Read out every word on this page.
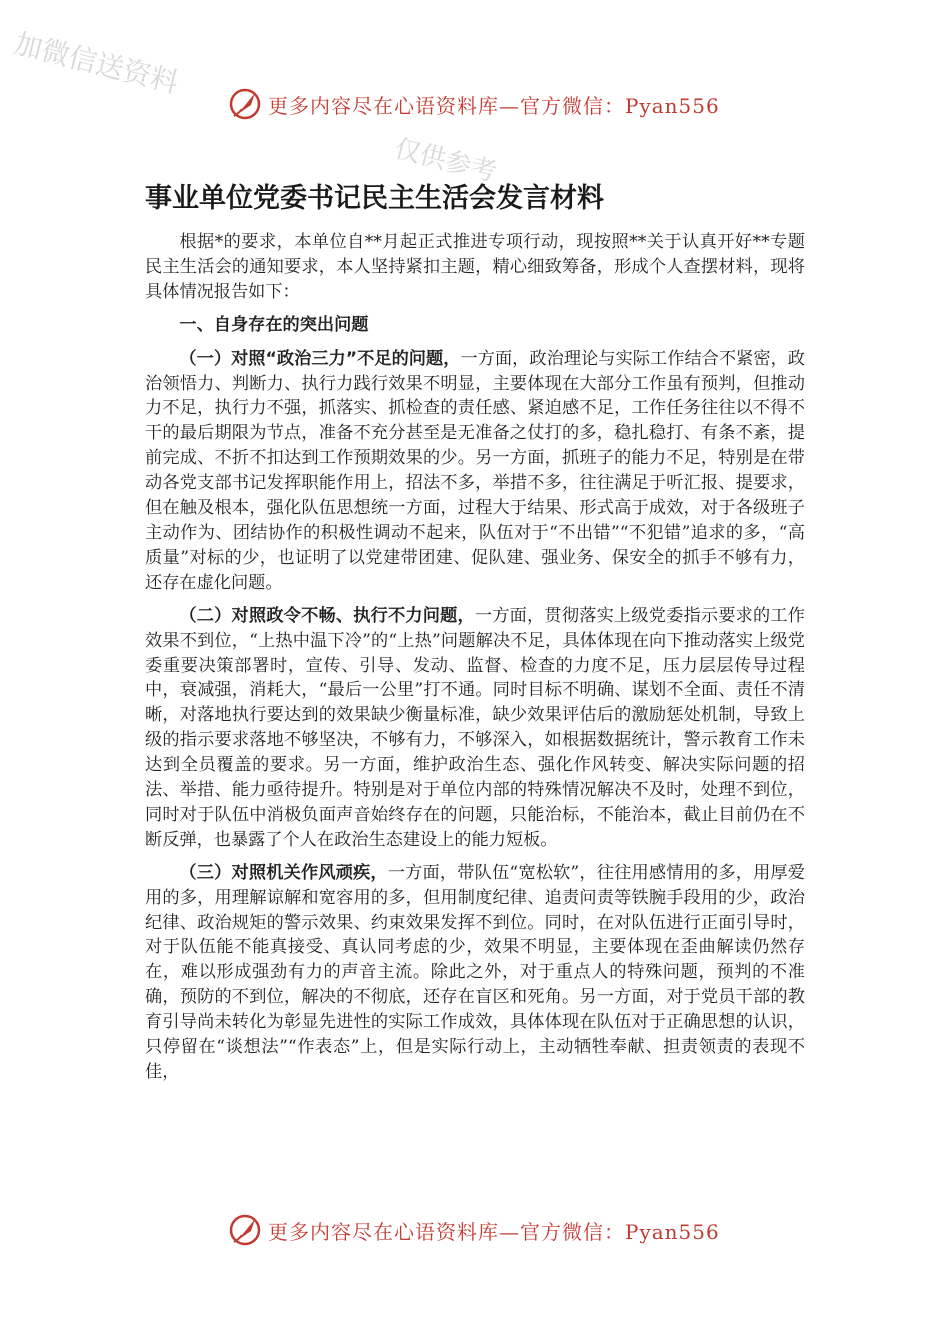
加微信送资料
仅供参考
更多内容尽在心语资料库—官方微信：Pyan556
事业单位党委书记民主生活会发言材料

根据*的要求，本单位自**月起正式推进专项行动，现按照**关于认真开好**专题民主生活会的通知要求，本人坚持紧扣主题，精心细致筹备，形成个人查摆材料，现将具体情况报告如下：

一、自身存在的突出问题

（一）对照“政治三力”不足的问题，一方面，政治理论与实际工作结合不紧密，政治领悟力、判断力、执行力践行效果不明显，主要体现在大部分工作虽有预判，但推动力不足，执行力不强，抓落实、抓检查的责任感、紧迫感不足，工作任务往往以不得不干的最后期限为节点，准备不充分甚至是无准备之仗打的多，稳扎稳打、有条不紊，提前完成、不折不扣达到工作预期效果的少。另一方面，抓班子的能力不足，特别是在带动各党支部书记发挥职能作用上，招法不多，举措不多，往往满足于听汇报、提要求，但在触及根本，强化队伍思想统一方面，过程大于结果、形式高于成效，对于各级班子主动作为、团结协作的积极性调动不起来，队伍对于“不出错”“不犯错”追求的多，“高质量”对标的少，也证明了以党建带团建、促队建、强业务、保安全的抓手不够有力，还存在虚化问题。

（二）对照政令不畅、执行不力问题，一方面，贯彻落实上级党委指示要求的工作效果不到位，“上热中温下冷”的“上热”问题解决不足，具体体现在向下推动落实上级党委重要决策部署时，宣传、引导、发动、监督、检查的力度不足，压力层层传导过程中，衰减强，消耗大，“最后一公里”打不通。同时目标不明确、谋划不全面、责任不清晰，对落地执行要达到的效果缺少衡量标准，缺少效果评估后的激励惩处机制，导致上级的指示要求落地不够坚决，不够有力，不够深入，如根据数据统计，警示教育工作未达到全员覆盖的要求。另一方面，维护政治生态、强化作风转变、解决实际问题的招法、举措、能力亟待提升。特别是对于单位内部的特殊情况解决不及时，处理不到位，同时对于队伍中消极负面声音始终存在的问题，只能治标，不能治本，截止目前仍在不断反弹，也暴露了个人在政治生态建设上的能力短板。

（三）对照机关作风顽疾，一方面，带队伍“宽松软”，往往用感情用的多，用厚爱用的多，用理解谅解和宽容用的多，但用制度纪律、追责问责等铁腕手段用的少，政治纪律、政治规矩的警示效果、约束效果发挥不到位。同时，在对队伍进行正面引导时，对于队伍能不能真接受、真认同考虑的少，效果不明显，主要体现在歪曲解读仍然存在，难以形成强劲有力的声音主流。除此之外，对于重点人的特殊问题，预判的不准确，预防的不到位，解决的不彻底，还存在盲区和死角。另一方面，对于党员干部的教育引导尚未转化为彰显先进性的实际工作成效，具体体现在队伍对于正确思想的认识，只停留在“谈想法”“作表态”上，但是实际行动上，主动牺牲奉献、担责领责的表现不佳，

更多内容尽在心语资料库—官方微信：Pyan556
